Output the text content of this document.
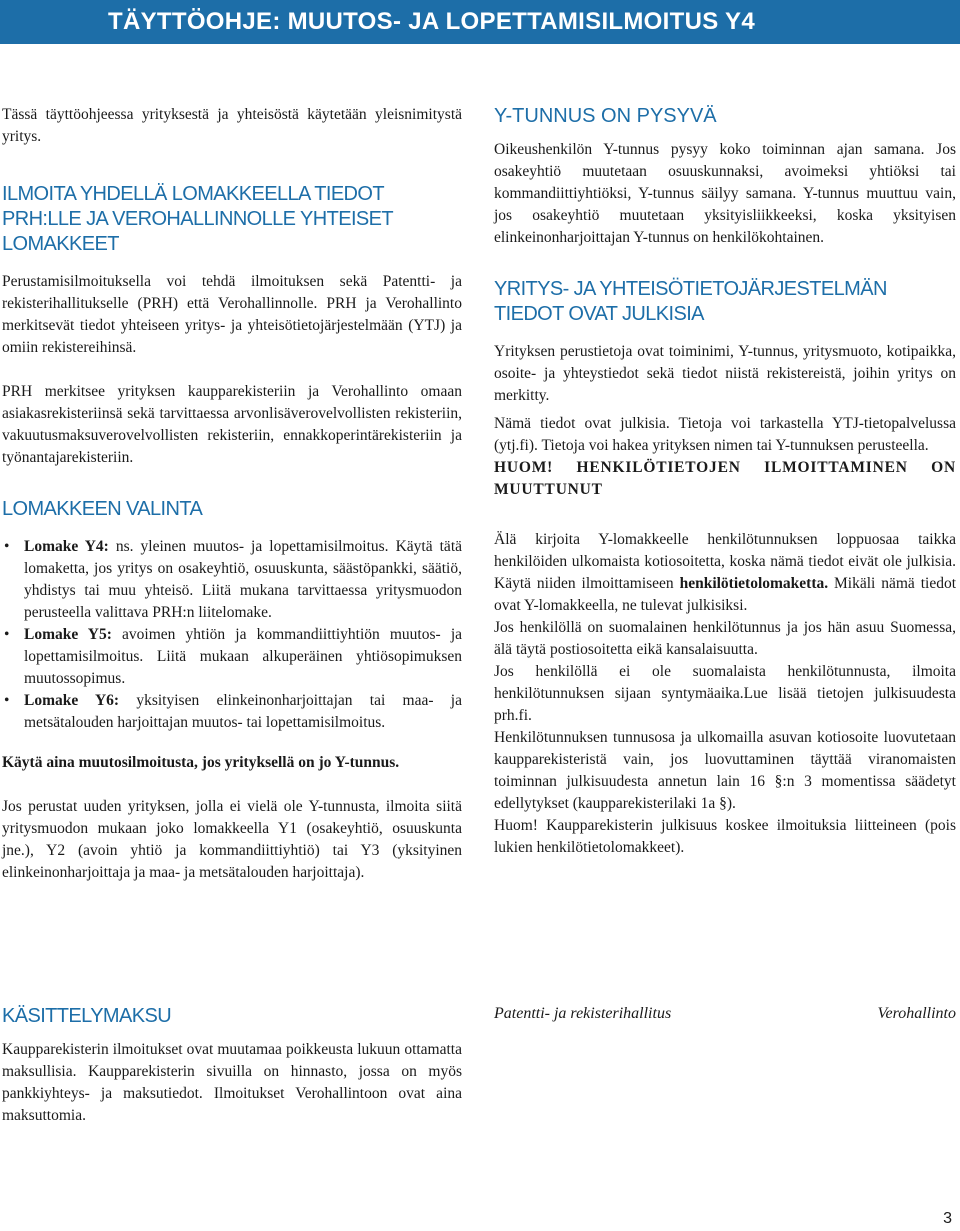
TÄYTTÖOHJE: MUUTOS- JA LOPETTAMISILMOITUS Y4

Tässä täyttöohjeessa yrityksestä ja yhteisöstä käytetään yleisnimitystä yritys.

ILMOITA YHDELLÄ LOMAKKEELLA TIEDOT PRH:LLE JA VEROHALLINNOLLE YHTEISET LOMAKKEET

Perustamisilmoituksella voi tehdä ilmoituksen sekä Patentti- ja rekisterihallitukselle (PRH) että Verohallinnolle. PRH ja Verohallinto merkitsevät tiedot yhteiseen yritys- ja yhteisötietojärjestelmään (YTJ) ja omiin rekistereihinsä.

PRH merkitsee yrityksen kaupparekisteriin ja Verohallinto omaan asiakasrekisteriinsä sekä tarvittaessa arvonlisäverovelvollisten rekisteriin, vakuutusmaksuverovelvollisten rekisteriin, ennakkoperintärekisteriin ja työnantajarekisteriin.

LOMAKKEEN VALINTA
• Lomake Y4: ns. yleinen muutos- ja lopettamisilmoitus. Käytä tätä lomaketta, jos yritys on osakeyhtiö, osuuskunta, säästöpankki, säätiö, yhdistys tai muu yhteisö. Liitä mukana tarvittaessa yritysmuodon perusteella valittava PRH:n liitelomake.
• Lomake Y5: avoimen yhtiön ja kommandiittiyhtiön muutos- ja lopettamisilmoitus. Liitä mukaan alkuperäinen yhtiösopimuksen muutossopimus.
• Lomake Y6: yksityisen elinkeinonharjoittajan tai maa- ja metsätalouden harjoittajan muutos- tai lopettamisilmoitus.

Käytä aina muutosilmoitusta, jos yrityksellä on jo Y-tunnus.

Jos perustat uuden yrityksen, jolla ei vielä ole Y-tunnusta, ilmoita siitä yritysmuodon mukaan joko lomakkeella Y1 (osakeyhtiö, osuuskunta jne.), Y2 (avoin yhtiö ja kommandiittiyhtiö) tai Y3 (yksityinen elinkeinonharjoittaja ja maa- ja metsätalouden harjoittaja).

KÄSITTELYMAKSU

Kaupparekisterin ilmoitukset ovat muutamaa poikkeusta lukuun ottamatta maksullisia. Kaupparekisterin sivuilla on hinnasto, jossa on myös pankkiyhteys- ja maksutiedot. Ilmoitukset Verohallintoon ovat aina maksuttomia.

Y-TUNNUS ON PYSYVÄ

Oikeushenkilön Y-tunnus pysyy koko toiminnan ajan samana. Jos osakeyhtiö muutetaan osuuskunnaksi, avoimeksi yhtiöksi tai kommandiittiyhtiöksi, Y-tunnus säilyy samana. Y-tunnus muuttuu vain, jos osakeyhtiö muutetaan yksityisliikkeeksi, koska yksityisen elinkeinonharjoittajan Y-tunnus on henkilökohtainen.

YRITYS- JA YHTEISÖTIETOJÄRJESTELMÄN TIEDOT OVAT JULKISIA

Yrityksen perustietoja ovat toiminimi, Y-tunnus, yritysmuoto, kotipaikka, osoite- ja yhteystiedot sekä tiedot niistä rekistereistä, joihin yritys on merkitty.

Nämä tiedot ovat julkisia. Tietoja voi tarkastella YTJ-tietopalvelussa (ytj.fi). Tietoja voi hakea yrityksen nimen tai Y-tunnuksen perusteella.

HUOM! HENKILÖTIETOJEN ILMOITTAMINEN ON MUUTTUNUT

Älä kirjoita Y-lomakkeelle henkilötunnuksen loppuosaa taikka henkilöiden ulkomaista kotiosoitetta, koska nämä tiedot eivät ole julkisia. Käytä niiden ilmoittamiseen henkilötietolomaketta. Mikäli nämä tiedot ovat Y-lomakkeella, ne tulevat julkisiksi.

Jos henkilöllä on suomalainen henkilötunnus ja jos hän asuu Suomessa, älä täytä postiosoitetta eikä kansalaisuutta.

Jos henkilöllä ei ole suomalaista henkilötunnusta, ilmoita henkilötunnuksen sijaan syntymäaika.Lue lisää tietojen julkisuudesta prh.fi.

Henkilötunnuksen tunnusosa ja ulkomailla asuvan kotiosoite luovutetaan kaupparekisteristä vain, jos luovuttaminen täyttää viranomaisten toiminnan julkisuudesta annetun lain 16 §:n 3 momentissa säädetyt edellytykset (kaupparekisterilaki 1a §).

Huom! Kaupparekisterin julkisuus koskee ilmoituksia liitteineen (pois lukien henkilötietolomakkeet).

Patentti- ja rekisterihallitus	Verohallinto
3
